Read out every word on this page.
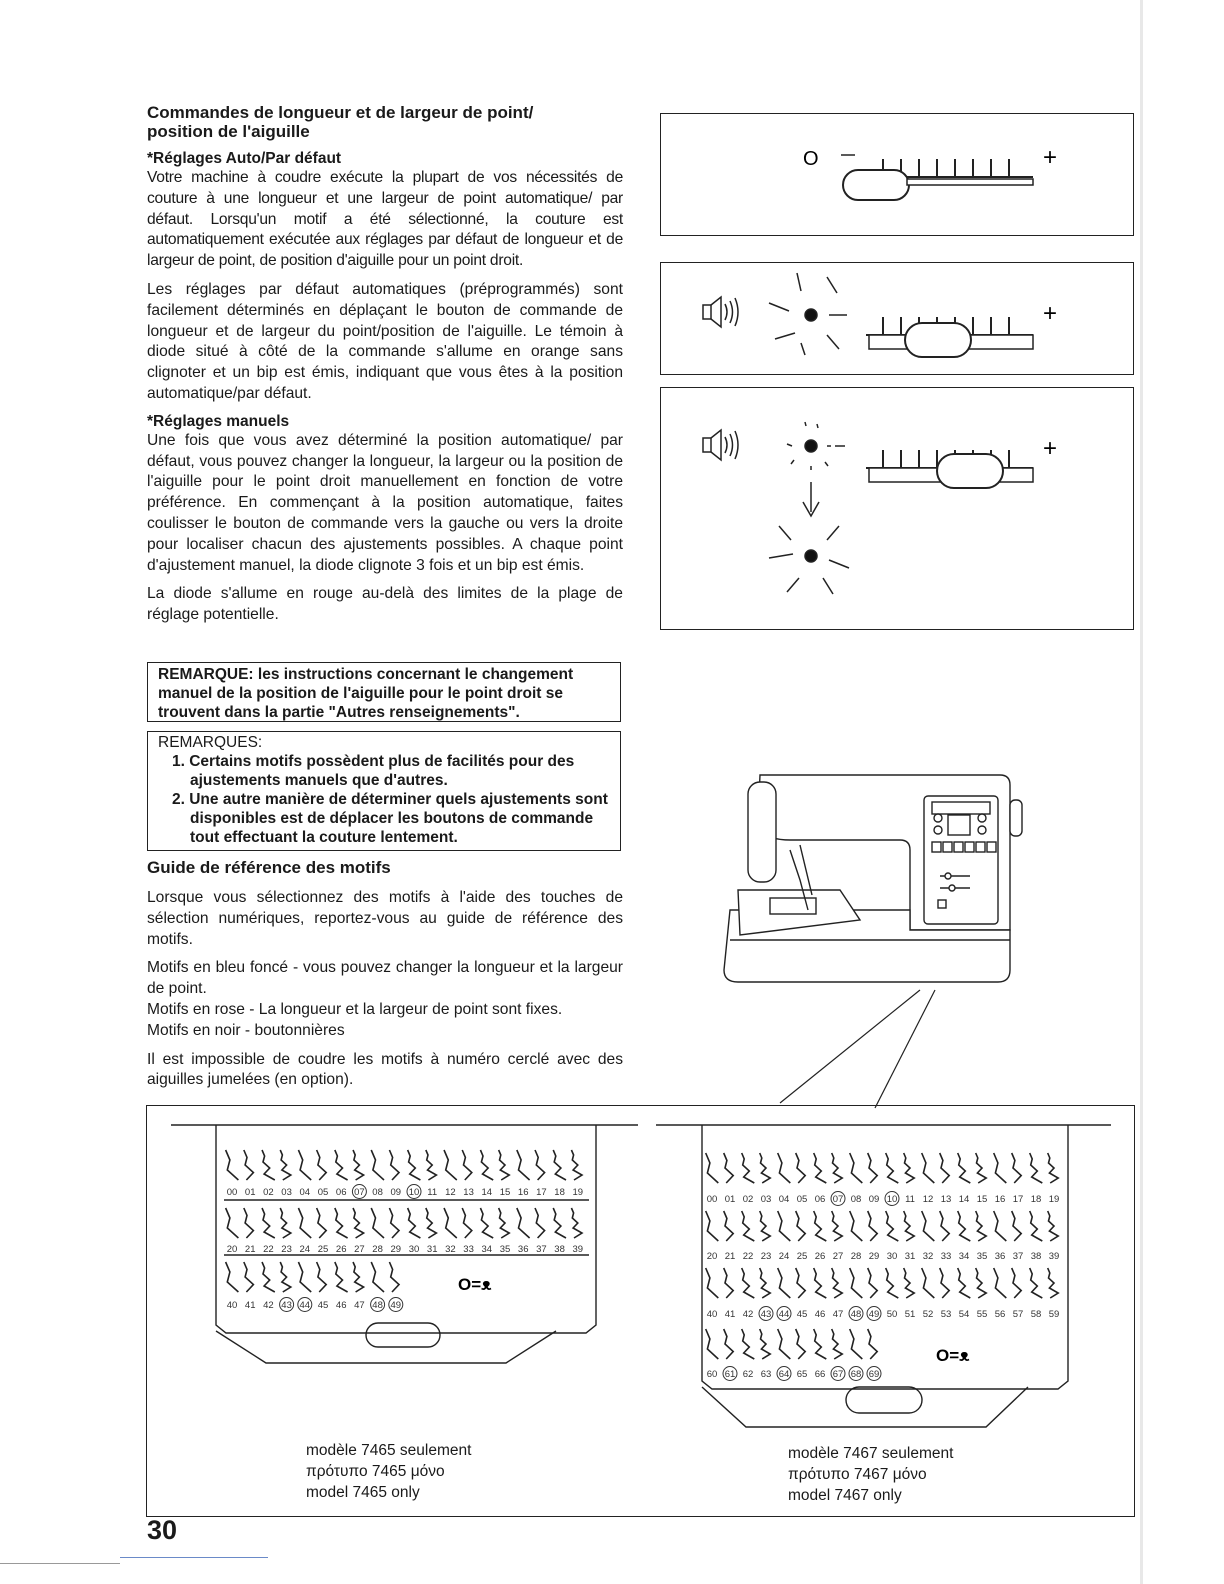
Commandes de longueur et de largeur de point/
position de l'aiguille
*Réglages Auto/Par défaut

Votre machine à coudre exécute la plupart de vos nécessités de couture à une longueur et une largeur de point automatique/ par défaut. Lorsqu'un motif a été sélectionné, la couture est automatiquement exécutée aux réglages par défaut de longueur et de largeur de point, de position d'aiguille pour un point droit.

Les réglages par défaut automatiques (préprogrammés) sont facilement déterminés en déplaçant le bouton de commande de longueur et de largeur du point/position de l'aiguille. Le témoin à diode situé à côté de la commande s'allume en orange sans clignoter et un bip est émis, indiquant que vous êtes à la position automatique/par défaut.

*Réglages manuels

Une fois que vous avez déterminé la position automatique/ par défaut, vous pouvez changer la longueur, la largeur ou la position de l'aiguille pour le point droit manuellement en fonction de votre préférence. En commençant à la position automatique, faites coulisser le bouton de commande vers la gauche ou vers la droite pour localiser chacun des ajustements possibles. A chaque point d'ajustement manuel, la diode clignote 3 fois et un bip est émis.

La diode s'allume en rouge au-delà des limites de la plage de réglage potentielle.

REMARQUE: les instructions concernant le changement manuel de la position de l'aiguille pour le point droit se trouvent dans la partie "Autres renseignements".
REMARQUES:

1. Certains motifs possèdent plus de facilités pour des ajustements manuels que d'autres.

2. Une autre manière de déterminer quels ajustements sont disponibles est de déplacer les boutons de commande tout effectuant la couture lentement.

Guide de référence des motifs

Lorsque vous sélectionnez des motifs à l'aide des touches de sélection numériques, reportez-vous au guide de référence des motifs.

Motifs en bleu foncé - vous pouvez changer la longueur et la largeur de point.

Motifs en rose - La longueur et la largeur de point sont fixes.

Motifs en noir - boutonnières

Il est impossible de coudre les motifs à numéro cerclé avec des aiguilles jumelées (en option).

O	+
+
+
00 01 02 03 04 05 06 07 08 09 10 11 12 13 14 15 16 17 18 19
20 21 22 23 24 25 26 27 28 29 30 31 32 33 34 35 36 37 38 39
40 41 42 43 44 45 46 47 48 49
00 01 02 03 04 05 06 07 08 09 10 11 12 13 14 15 16 17 18 19
20 21 22 23 24 25 26 27 28 29 30 31 32 33 34 35 36 37 38 39
40 41 42 43 44 45 46 47 48 49 50 51 52 53 54 55 56 57 58 59
60 61 62 63 64 65 66 67 68 69
O=ᴥ
O=ᴥ
modèle 7465 seulement
πρότυπο 7465 μόνο
model 7465 only
modèle 7467 seulement
πρότυπο 7467 μόνο
model 7467 only
30
